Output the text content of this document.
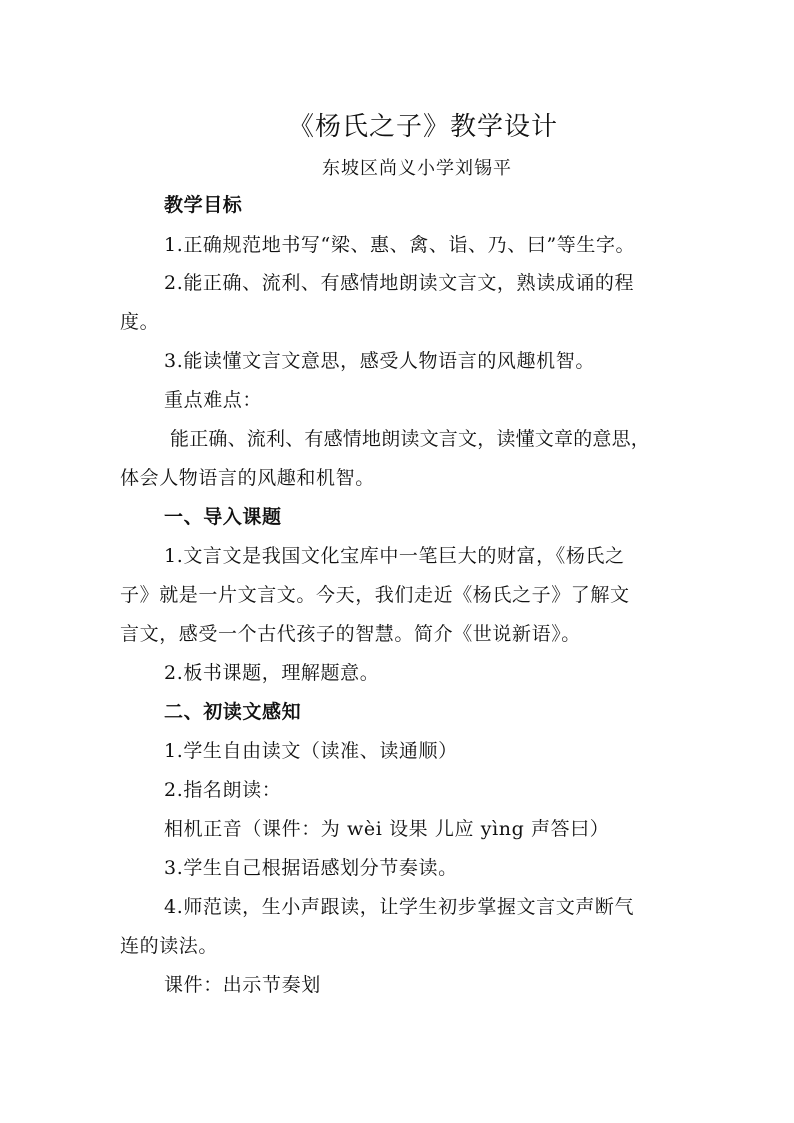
《杨氏之子》教学设计
东坡区尚义小学刘锡平
教学目标
1.正确规范地书写“梁、惠、禽、诣、乃、曰”等生字。
2.能正确、流利、有感情地朗读文言文，熟读成诵的程
度。
3.能读懂文言文意思，感受人物语言的风趣机智。
重点难点：
能正确、流利、有感情地朗读文言文，读懂文章的意思，
体会人物语言的风趣和机智。
一、导入课题
1.文言文是我国文化宝库中一笔巨大的财富，《杨氏之
子》就是一片文言文。今天，我们走近《杨氏之子》了解文
言文，感受一个古代孩子的智慧。简介《世说新语》。
2.板书课题，理解题意。
二、初读文感知
1.学生自由读文（读准、读通顺）
2.指名朗读：
相机正音（课件：为 wèi 设果 儿应 yìng 声答曰）
3.学生自己根据语感划分节奏读。
4.师范读，生小声跟读，让学生初步掌握文言文声断气
连的读法。
课件：出示节奏划
